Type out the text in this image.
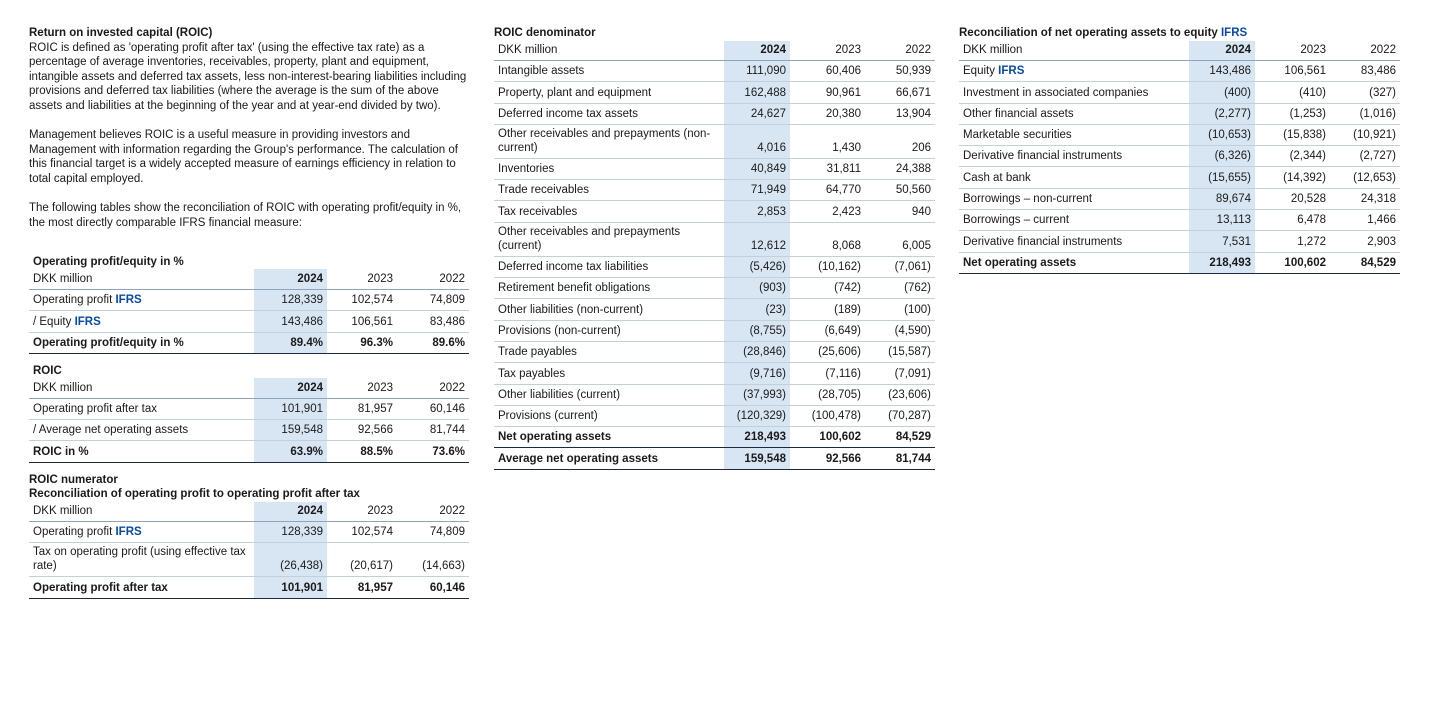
Return on invested capital (ROIC)

ROIC is defined as 'operating profit after tax' (using the effective tax rate) as a percentage of average inventories, receivables, property, plant and equipment, intangible assets and deferred tax assets, less non-interest-bearing liabilities including provisions and deferred tax liabilities (where the average is the sum of the above assets and liabilities at the beginning of the year and at year-end divided by two).

Management believes ROIC is a useful measure in providing investors and Management with information regarding the Group's performance. The calculation of this financial target is a widely accepted measure of earnings efficiency in relation to total capital employed.

The following tables show the reconciliation of ROIC with operating profit/equity in %, the most directly comparable IFRS financial measure:

Operating profit/equity in %
DKK million	2024	2023	2022
Operating profit IFRS	128,339	102,574	74,809
/ Equity IFRS	143,486	106,561	83,486
Operating profit/equity in %	89.4%	96.3%	89.6%
ROIC
DKK million	2024	2023	2022
Operating profit after tax	101,901	81,957	60,146
/ Average net operating assets	159,548	92,566	81,744
ROIC in %	63.9%	88.5%	73.6%
ROIC numerator
Reconciliation of operating profit to operating profit after tax
DKK million	2024	2023	2022
Operating profit IFRS	128,339	102,574	74,809
Tax on operating profit (using effective tax rate)	(26,438)	(20,617)	(14,663)
Operating profit after tax	101,901	81,957	60,146
ROIC denominator
DKK million	2024	2023	2022
Intangible assets	111,090	60,406	50,939
Property, plant and equipment	162,488	90,961	66,671
Deferred income tax assets	24,627	20,380	13,904
Other receivables and prepayments (non-current)	4,016	1,430	206
Inventories	40,849	31,811	24,388
Trade receivables	71,949	64,770	50,560
Tax receivables	2,853	2,423	940
Other receivables and prepayments (current)	12,612	8,068	6,005
Deferred income tax liabilities	(5,426)	(10,162)	(7,061)
Retirement benefit obligations	(903)	(742)	(762)
Other liabilities (non-current)	(23)	(189)	(100)
Provisions (non-current)	(8,755)	(6,649)	(4,590)
Trade payables	(28,846)	(25,606)	(15,587)
Tax payables	(9,716)	(7,116)	(7,091)
Other liabilities (current)	(37,993)	(28,705)	(23,606)
Provisions (current)	(120,329)	(100,478)	(70,287)
Net operating assets	218,493	100,602	84,529
Average net operating assets	159,548	92,566	81,744
Reconciliation of net operating assets to equity IFRS
DKK million	2024	2023	2022
Equity IFRS	143,486	106,561	83,486
Investment in associated companies	(400)	(410)	(327)
Other financial assets	(2,277)	(1,253)	(1,016)
Marketable securities	(10,653)	(15,838)	(10,921)
Derivative financial instruments	(6,326)	(2,344)	(2,727)
Cash at bank	(15,655)	(14,392)	(12,653)
Borrowings – non-current	89,674	20,528	24,318
Borrowings – current	13,113	6,478	1,466
Derivative financial instruments	7,531	1,272	2,903
Net operating assets	218,493	100,602	84,529
